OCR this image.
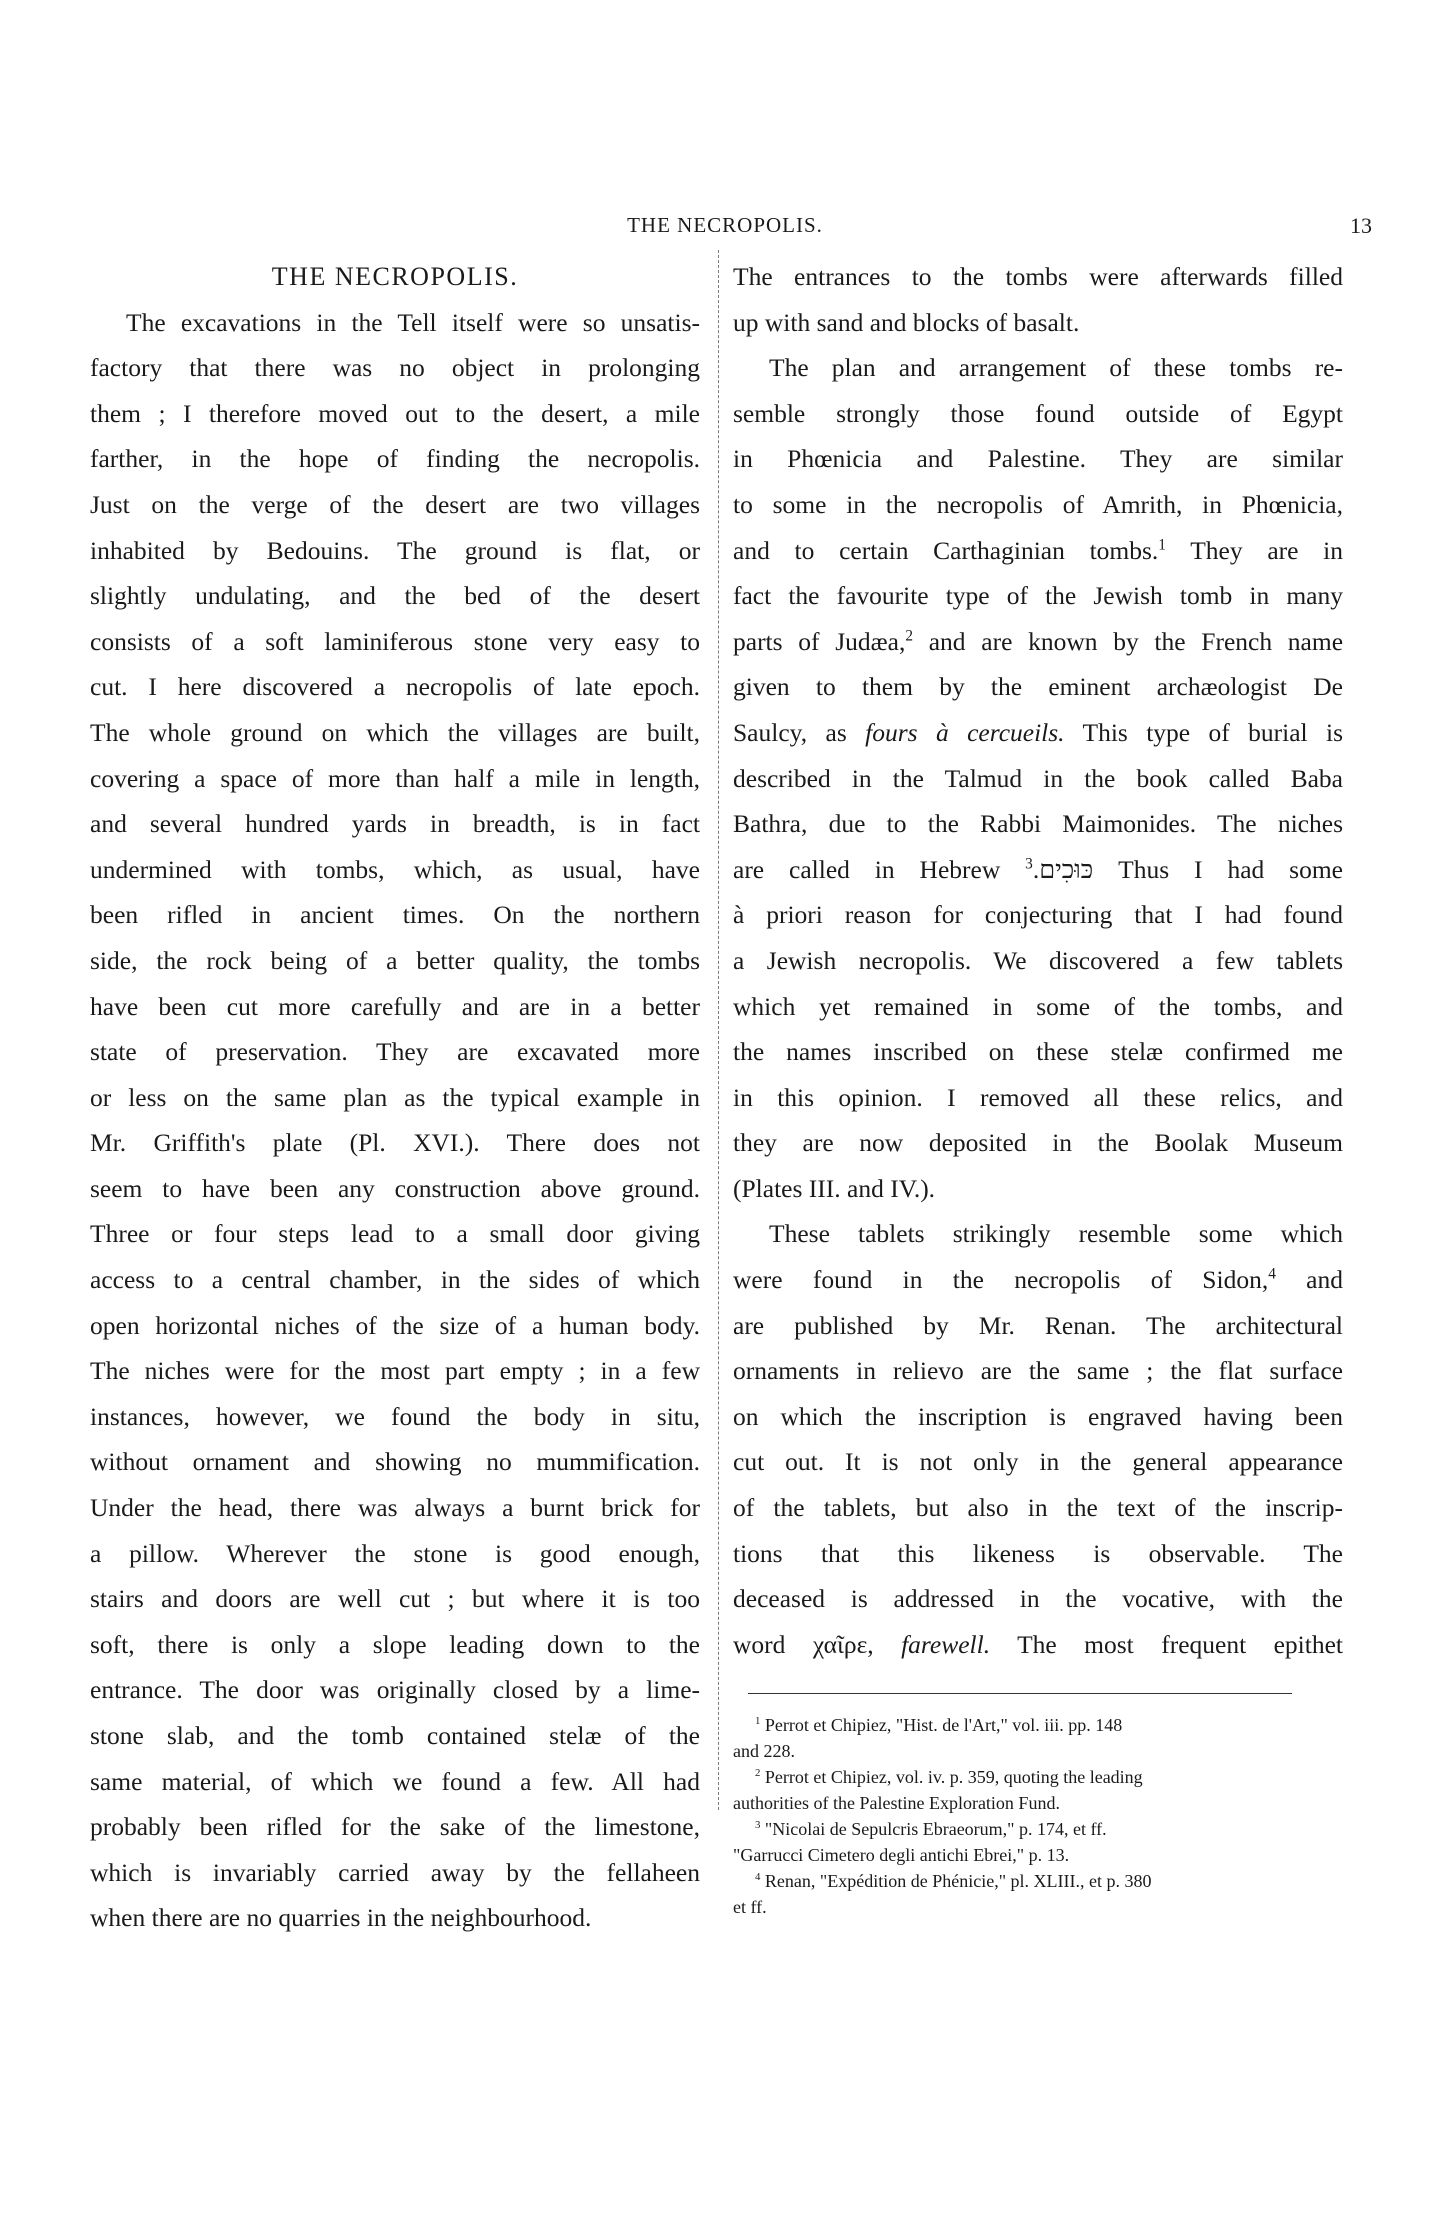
THE NECROPOLIS.	13
THE NECROPOLIS.
The excavations in the Tell itself were so unsatis-
factory that there was no object in prolonging
them ; I therefore moved out to the desert, a mile
farther, in the hope of finding the necropolis.
Just on the verge of the desert are two villages
inhabited by Bedouins. The ground is flat, or
slightly undulating, and the bed of the desert
consists of a soft laminiferous stone very easy to
cut. I here discovered a necropolis of late epoch.
The whole ground on which the villages are built,
covering a space of more than half a mile in length,
and several hundred yards in breadth, is in fact
undermined with tombs, which, as usual, have
been rifled in ancient times. On the northern
side, the rock being of a better quality, the tombs
have been cut more carefully and are in a better
state of preservation. They are excavated more
or less on the same plan as the typical example in
Mr. Griffith's plate (Pl. XVI.). There does not
seem to have been any construction above ground.
Three or four steps lead to a small door giving
access to a central chamber, in the sides of which
open horizontal niches of the size of a human body.
The niches were for the most part empty ; in a few
instances, however, we found the body in situ,
without ornament and showing no mummification.
Under the head, there was always a burnt brick for
a pillow. Wherever the stone is good enough,
stairs and doors are well cut ; but where it is too
soft, there is only a slope leading down to the
entrance. The door was originally closed by a lime-
stone slab, and the tomb contained stelæ of the
same material, of which we found a few. All had
probably been rifled for the sake of the limestone,
which is invariably carried away by the fellaheen
when there are no quarries in the neighbourhood.
The entrances to the tombs were afterwards filled
up with sand and blocks of basalt.
The plan and arrangement of these tombs re-
semble strongly those found outside of Egypt
in Phœnicia and Palestine. They are similar
to some in the necropolis of Amrith, in Phœnicia,
and to certain Carthaginian tombs.$^1$ They are in
fact the favourite type of the Jewish tomb in many
parts of Judæa,$^2$ and are known by the French name
given to them by the eminent archæologist De
Saulcy, as fours à cercueils. This type of burial is
described in the Talmud in the book called Baba
Bathra, due to the Rabbi Maimonides. The niches
are called in Hebrew כּוּכִים.$^3$	Thus I had some
à priori reason for conjecturing that I had found
a Jewish necropolis. We discovered a few tablets
which yet remained in some of the tombs, and
the names inscribed on these stelæ confirmed me
in this opinion. I removed all these relics, and
they are now deposited in the Boolak Museum
(Plates III. and IV.).
These tablets strikingly resemble some which
were found in the necropolis of Sidon,$^4$ and
are published by Mr. Renan. The architectural
ornaments in relievo are the same ; the flat surface
on which the inscription is engraved having been
cut out. It is not only in the general appearance
of the tablets, but also in the text of the inscrip-
tions that this likeness is observable. The
deceased is addressed in the vocative, with the
word χαῖρε, farewell. The most frequent epithet
$^1$ Perrot et Chipiez, "Hist. de l'Art," vol. iii. pp. 148
and 228.
$^2$ Perrot et Chipiez, vol. iv. p. 359, quoting the leading
authorities of the Palestine Exploration Fund.
$^3$ "Nicolai de Sepulcris Ebraeorum," p. 174, et ff.
"Garrucci Cimetero degli antichi Ebrei," p. 13.
$^4$ Renan, "Expédition de Phénicie," pl. XLIII., et p. 380
et ff.
